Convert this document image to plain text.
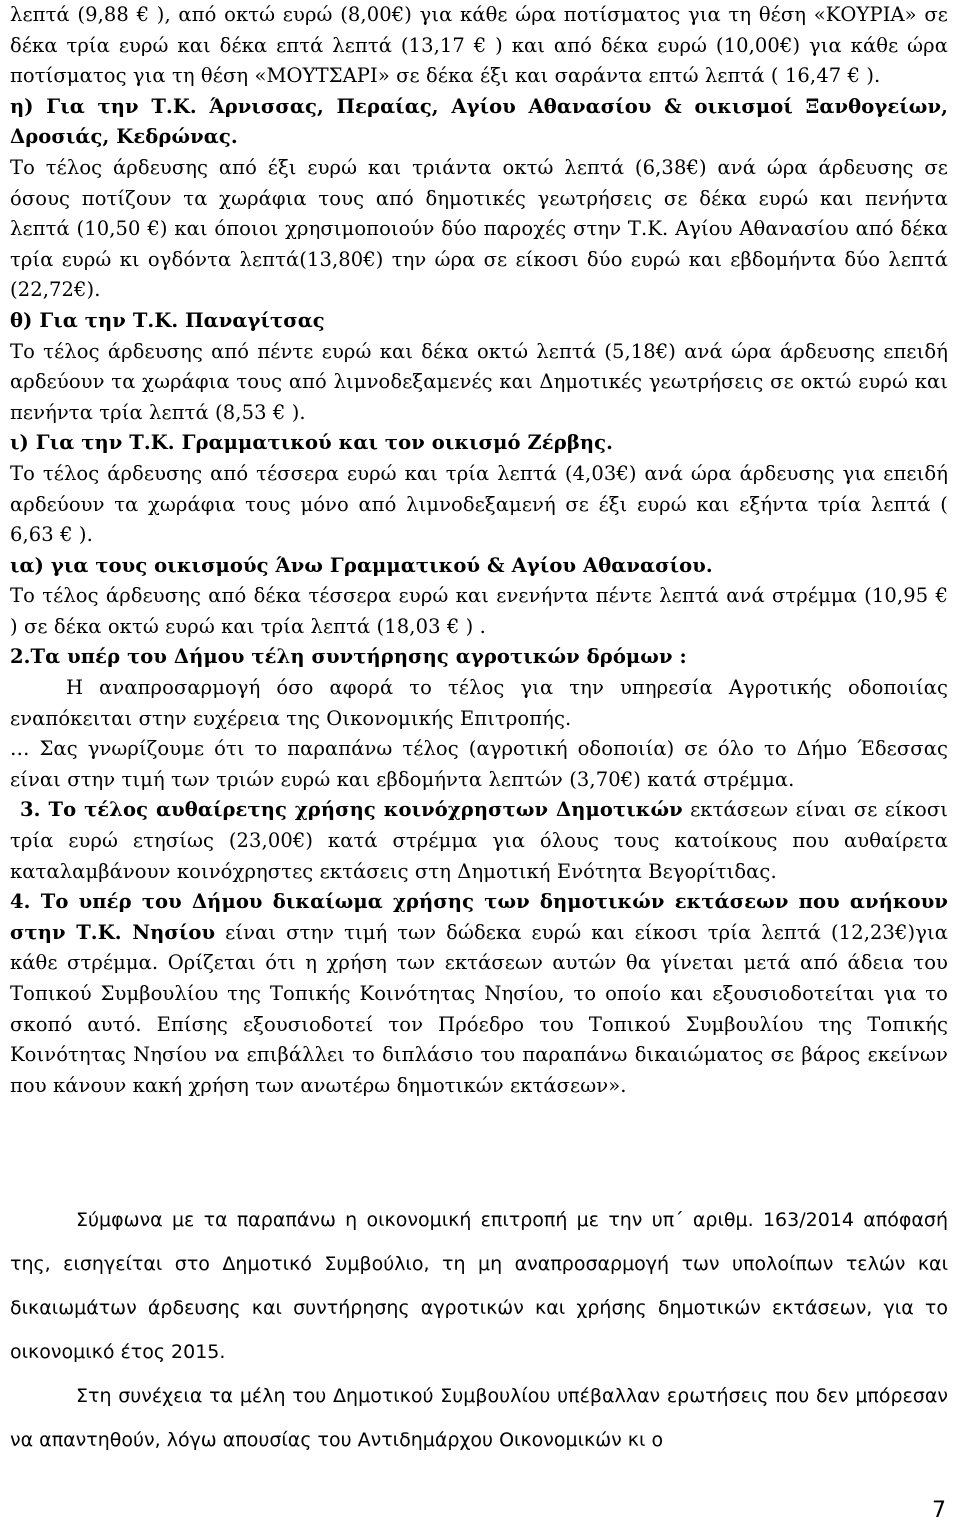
λεπτά (9,88 € ), από οκτώ ευρώ (8,00€) για κάθε ώρα ποτίσματος για τη θέση «ΚΟΥΡΙΑ» σε δέκα τρία ευρώ και δέκα επτά λεπτά (13,17 € ) και από δέκα ευρώ (10,00€) για κάθε ώρα ποτίσματος για τη θέση «ΜΟΥΤΣΑΡΙ» σε δέκα έξι και σαράντα επτώ λεπτά ( 16,47 € ).
η) Για την Τ.Κ. Άρνισσας, Περαίας, Αγίου Αθανασίου & οικισμοί Ξανθογείων, Δροσιάς, Κεδρώνας.
Το τέλος άρδευσης από έξι ευρώ και τριάντα οκτώ λεπτά (6,38€) ανά ώρα άρδευσης σε όσους ποτίζουν τα χωράφια τους από δημοτικές γεωτρήσεις σε δέκα ευρώ και πενήντα λεπτά (10,50 €) και όποιοι χρησιμοποιούν δύο παροχές στην Τ.Κ. Αγίου Αθανασίου από δέκα τρία ευρώ κι ογδόντα λεπτά(13,80€) την ώρα σε είκοσι δύο ευρώ και εβδομήντα δύο λεπτά (22,72€).
θ) Για την Τ.Κ. Παναγίτσας
Το τέλος άρδευσης από πέντε ευρώ και δέκα οκτώ λεπτά (5,18€) ανά ώρα άρδευσης επειδή αρδεύουν τα χωράφια τους από λιμνοδεξαμενές και Δημοτικές γεωτρήσεις σε οκτώ ευρώ και πενήντα τρία λεπτά (8,53 € ).
ι) Για την Τ.Κ. Γραμματικού και τον οικισμό Ζέρβης.
Το τέλος άρδευσης από τέσσερα ευρώ και τρία λεπτά (4,03€) ανά ώρα άρδευσης για επειδή αρδεύουν τα χωράφια τους μόνο από λιμνοδεξαμενή σε έξι ευρώ και εξήντα τρία λεπτά ( 6,63 € ).
ια) για τους οικισμούς Άνω Γραμματικού & Αγίου Αθανασίου.
Το τέλος άρδευσης από δέκα τέσσερα ευρώ και ενενήντα πέντε λεπτά ανά στρέμμα (10,95 € ) σε δέκα οκτώ ευρώ και τρία λεπτά (18,03 € ) .
2.Τα υπέρ του Δήμου τέλη συντήρησης αγροτικών δρόμων :
Η αναπροσαρμογή όσο αφορά το τέλος για την υπηρεσία Αγροτικής οδοποιίας εναπόκειται στην ευχέρεια της Οικονομικής Επιτροπής.
… Σας γνωρίζουμε ότι το παραπάνω τέλος (αγροτική οδοποιία) σε όλο το Δήμο Έδεσσας είναι στην τιμή των τριών ευρώ και εβδομήντα λεπτών (3,70€) κατά στρέμμα.
3. Το τέλος αυθαίρετης χρήσης κοινόχρηστων Δημοτικών εκτάσεων είναι σε είκοσι τρία ευρώ ετησίως (23,00€) κατά στρέμμα για όλους τους κατοίκους που αυθαίρετα καταλαμβάνουν κοινόχρηστες εκτάσεις στη Δημοτική Ενότητα Βεγορίτιδας.
4. Το υπέρ του Δήμου δικαίωμα χρήσης των δημοτικών εκτάσεων που ανήκουν στην Τ.Κ. Νησίου είναι στην τιμή των δώδεκα ευρώ και είκοσι τρία λεπτά (12,23€)για κάθε στρέμμα. Ορίζεται ότι η χρήση των εκτάσεων αυτών θα γίνεται μετά από άδεια του Τοπικού Συμβουλίου της Τοπικής Κοινότητας Νησίου, το οποίο και εξουσιοδοτείται για το σκοπό αυτό. Επίσης εξουσιοδοτεί τον Πρόεδρο του Τοπικού Συμβουλίου της Τοπικής Κοινότητας Νησίου να επιβάλλει το διπλάσιο του παραπάνω δικαιώματος σε βάρος εκείνων που κάνουν κακή χρήση των ανωτέρω δημοτικών εκτάσεων».
Σύμφωνα με τα παραπάνω η οικονομική επιτροπή με την υπ΄ αριθμ. 163/2014 απόφασή της, εισηγείται στο Δημοτικό Συμβούλιο, τη μη αναπροσαρμογή των υπολοίπων τελών και δικαιωμάτων άρδευσης και συντήρησης αγροτικών και χρήσης δημοτικών εκτάσεων, για το οικονομικό έτος 2015.
Στη συνέχεια τα μέλη του Δημοτικού Συμβουλίου υπέβαλλαν ερωτήσεις που δεν μπόρεσαν να απαντηθούν, λόγω απουσίας του Αντιδημάρχου Οικονομικών κι ο
7
